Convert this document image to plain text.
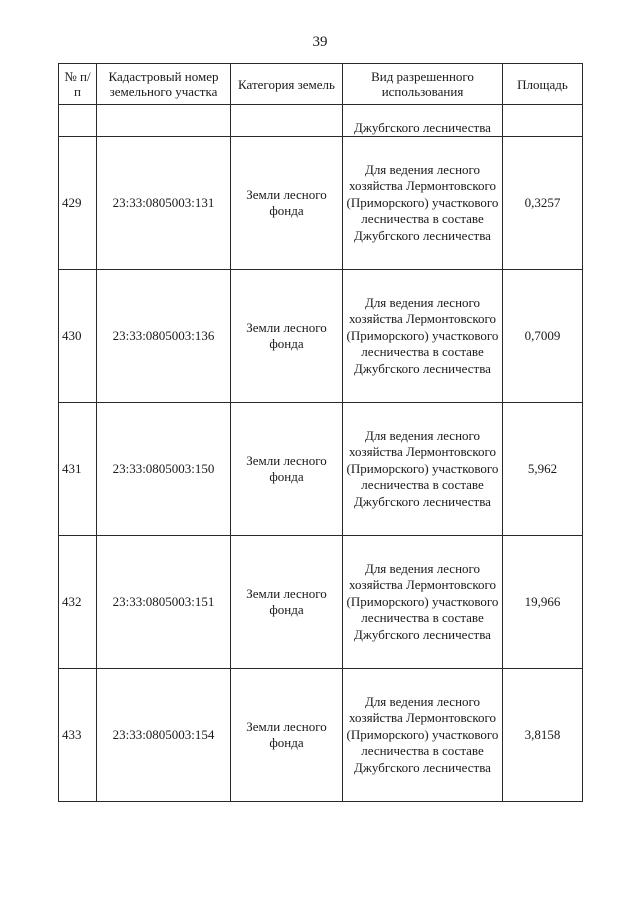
39
№ п/п	Кадастровый номер земельного участка	Категория земель	Вид разрешенного использования	Площадь
			Джубгского лесничества	
429	23:33:0805003:131	Земли лесного фонда	Для ведения лесного хозяйства Лермонтовского (Приморского) участкового лесничества в составе Джубгского лесничества	0,3257
430	23:33:0805003:136	Земли лесного фонда	Для ведения лесного хозяйства Лермонтовского (Приморского) участкового лесничества в составе Джубгского лесничества	0,7009
431	23:33:0805003:150	Земли лесного фонда	Для ведения лесного хозяйства Лермонтовского (Приморского) участкового лесничества в составе Джубгского лесничества	5,962
432	23:33:0805003:151	Земли лесного фонда	Для ведения лесного хозяйства Лермонтовского (Приморского) участкового лесничества в составе Джубгского лесничества	19,966
433	23:33:0805003:154	Земли лесного фонда	Для ведения лесного хозяйства Лермонтовского (Приморского) участкового лесничества в составе Джубгского лесничества	3,8158
